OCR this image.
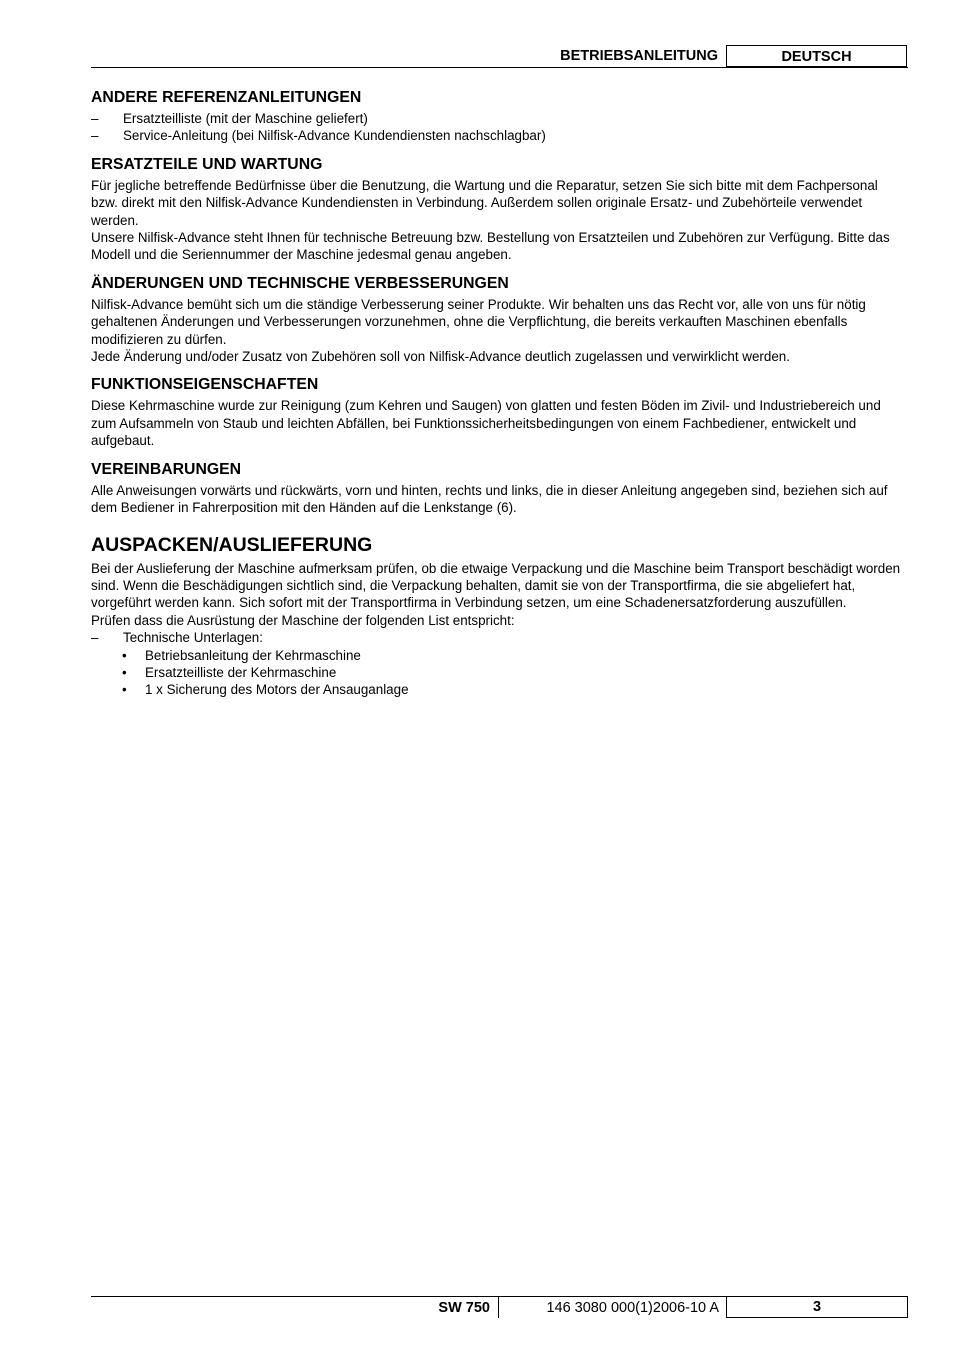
BETRIEBSANLEITUNG	DEUTSCH
ANDERE REFERENZANLEITUNGEN
– Ersatzteilliste (mit der Maschine geliefert)
– Service-Anleitung (bei Nilfisk-Advance Kundendiensten nachschlagbar)
ERSATZTEILE UND WARTUNG

Für jegliche betreffende Bedürfnisse über die Benutzung, die Wartung und die Reparatur, setzen Sie sich bitte mit dem Fachpersonal bzw. direkt mit den Nilfisk-Advance Kundendiensten in Verbindung. Außerdem sollen originale Ersatz- und Zubehörteile verwendet werden.

Unsere Nilfisk-Advance steht Ihnen für technische Betreuung bzw. Bestellung von Ersatzteilen und Zubehören zur Verfügung. Bitte das Modell und die Seriennummer der Maschine jedesmal genau angeben.

ÄNDERUNGEN UND TECHNISCHE VERBESSERUNGEN

Nilfisk-Advance bemüht sich um die ständige Verbesserung seiner Produkte. Wir behalten uns das Recht vor, alle von uns für nötig gehaltenen Änderungen und Verbesserungen vorzunehmen, ohne die Verpflichtung, die bereits verkauften Maschinen ebenfalls modifizieren zu dürfen.

Jede Änderung und/oder Zusatz von Zubehören soll von Nilfisk-Advance deutlich zugelassen und verwirklicht werden.

FUNKTIONSEIGENSCHAFTEN

Diese Kehrmaschine wurde zur Reinigung (zum Kehren und Saugen) von glatten und festen Böden im Zivil- und Industriebereich und zum Aufsammeln von Staub und leichten Abfällen, bei Funktionssicherheitsbedingungen von einem Fachbediener, entwickelt und aufgebaut.

VEREINBARUNGEN

Alle Anweisungen vorwärts und rückwärts, vorn und hinten, rechts und links, die in dieser Anleitung angegeben sind, beziehen sich auf dem Bediener in Fahrerposition mit den Händen auf die Lenkstange (6).

AUSPACKEN/AUSLIEFERUNG

Bei der Auslieferung der Maschine aufmerksam prüfen, ob die etwaige Verpackung und die Maschine beim Transport beschädigt worden sind. Wenn die Beschädigungen sichtlich sind, die Verpackung behalten, damit sie von der Transportfirma, die sie abgeliefert hat, vorgeführt werden kann. Sich sofort mit der Transportfirma in Verbindung setzen, um eine Schadenersatzforderung auszufüllen.

Prüfen dass die Ausrüstung der Maschine der folgenden List entspricht:

– Technische Unterlagen:
• Betriebsanleitung der Kehrmaschine
• Ersatzteilliste der Kehrmaschine
• 1 x Sicherung des Motors der Ansauganlage
SW 750	146 3080 000(1)2006-10 A	3
